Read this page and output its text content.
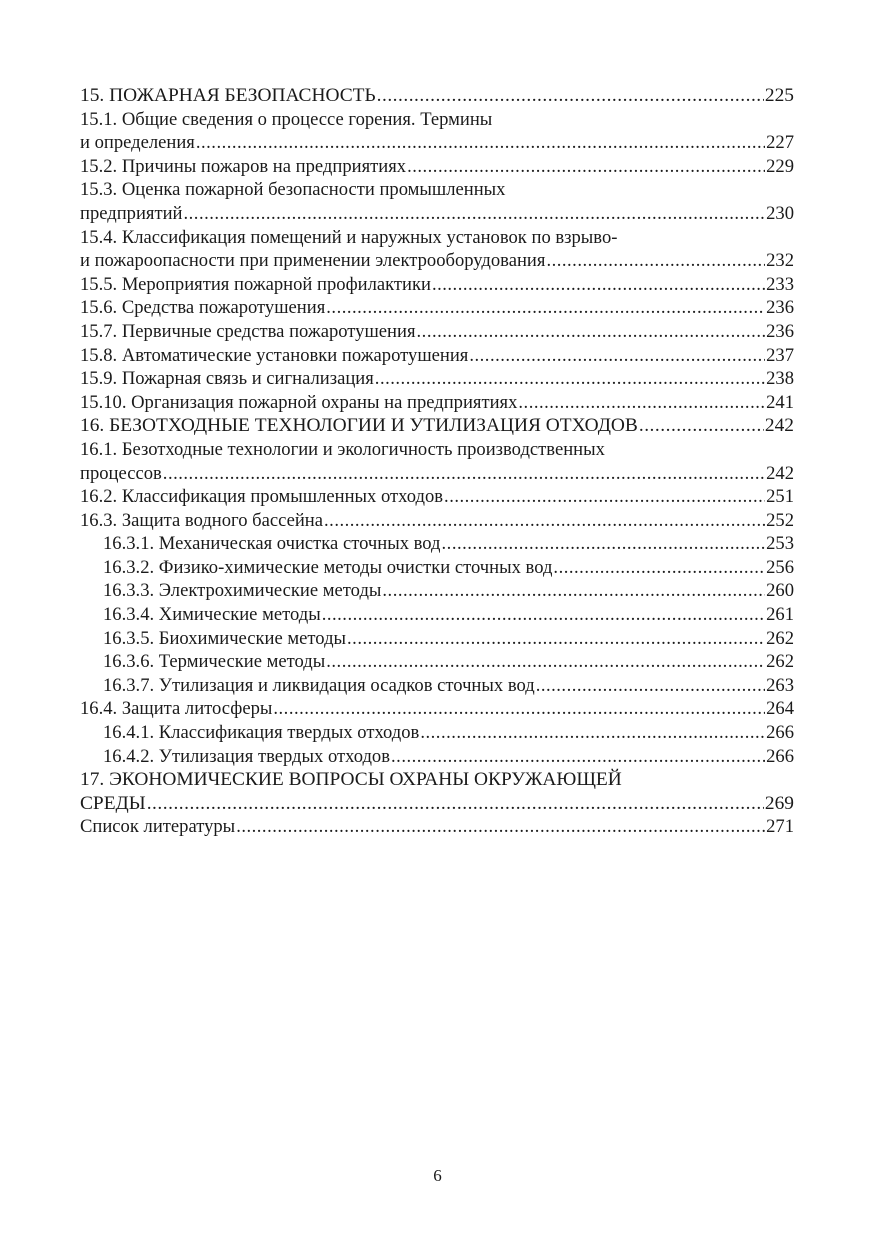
15. ПОЖАРНАЯ БЕЗОПАСНОСТЬ .....	225
15.1. Общие сведения о процессе горения. Термины
и определения .....	227
15.2. Причины пожаров на предприятиях .....	229
15.3. Оценка пожарной безопасности промышленных
предприятий .....	230
15.4. Классификация помещений и наружных установок по взрыво-
и пожароопасности при применении электрооборудования .....	232
15.5. Мероприятия пожарной профилактики .....	233
15.6. Средства пожаротушения .....	236
15.7. Первичные средства пожаротушения .....	236
15.8. Автоматические установки пожаротушения .....	237
15.9. Пожарная связь и сигнализация .....	238
15.10. Организация пожарной охраны на предприятиях .....	241
16. БЕЗОТХОДНЫЕ ТЕХНОЛОГИИ И УТИЛИЗАЦИЯ ОТХОДОВ .....	242
16.1. Безотходные технологии и экологичность производственных
процессов .....	242
16.2. Классификация промышленных отходов .....	251
16.3. Защита водного бассейна .....	252
16.3.1. Механическая очистка сточных вод .....	253
16.3.2. Физико-химические методы очистки сточных вод .....	256
16.3.3. Электрохимические методы .....	260
16.3.4. Химические методы .....	261
16.3.5. Биохимические методы .....	262
16.3.6. Термические методы .....	262
16.3.7. Утилизация и ликвидация осадков сточных вод .....	263
16.4. Защита литосферы .....	264
16.4.1. Классификация твердых отходов .....	266
16.4.2. Утилизация твердых отходов .....	266
17. ЭКОНОМИЧЕСКИЕ ВОПРОСЫ ОХРАНЫ ОКРУЖАЮЩЕЙ
СРЕДЫ .....	269
Список литературы .....	271
6
